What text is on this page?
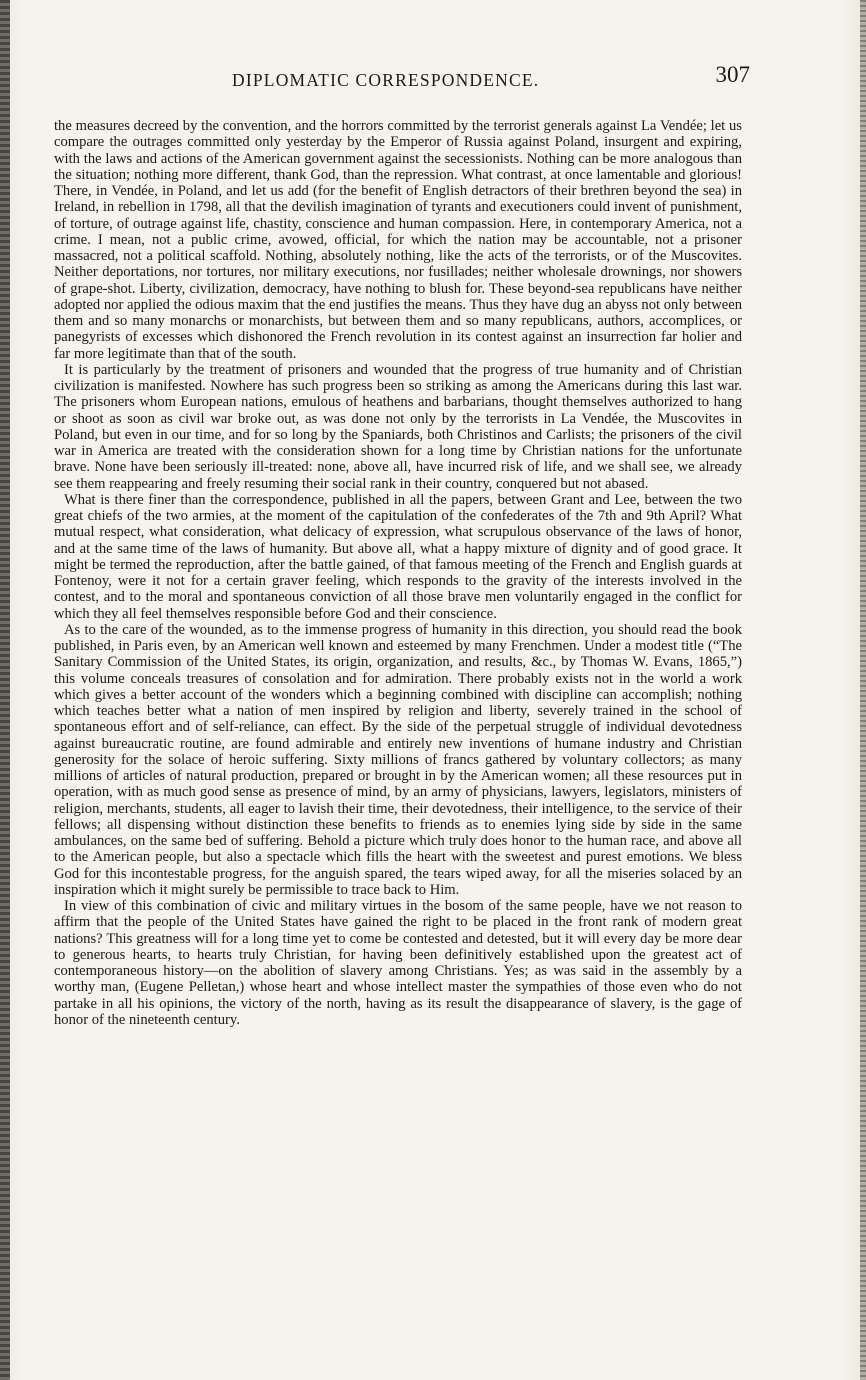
DIPLOMATIC CORRESPONDENCE.	307

the measures decreed by the convention, and the horrors committed by the terrorist generals against La Vendée; let us compare the outrages committed only yesterday by the Emperor of Russia against Poland, insurgent and expiring, with the laws and actions of the American government against the secessionists. Nothing can be more analogous than the situation; nothing more different, thank God, than the repression. What contrast, at once lamentable and glorious! There, in Vendée, in Poland, and let us add (for the benefit of English detractors of their brethren beyond the sea) in Ireland, in rebellion in 1798, all that the devilish imagination of tyrants and executioners could invent of punishment, of torture, of outrage against life, chastity, conscience and human compassion. Here, in contemporary America, not a crime. I mean, not a public crime, avowed, official, for which the nation may be accountable, not a prisoner massacred, not a political scaffold. Nothing, absolutely nothing, like the acts of the terrorists, or of the Muscovites. Neither deportations, nor tortures, nor military executions, nor fusillades; neither wholesale drownings, nor showers of grape-shot. Liberty, civilization, democracy, have nothing to blush for. These beyond-sea republicans have neither adopted nor applied the odious maxim that the end justifies the means. Thus they have dug an abyss not only between them and so many monarchs or monarchists, but between them and so many republicans, authors, accomplices, or panegyrists of excesses which dishonored the French revolution in its contest against an insurrection far holier and far more legitimate than that of the south.

It is particularly by the treatment of prisoners and wounded that the progress of true humanity and of Christian civilization is manifested. Nowhere has such progress been so striking as among the Americans during this last war. The prisoners whom European nations, emulous of heathens and barbarians, thought themselves authorized to hang or shoot as soon as civil war broke out, as was done not only by the terrorists in La Vendée, the Muscovites in Poland, but even in our time, and for so long by the Spaniards, both Christinos and Carlists; the prisoners of the civil war in America are treated with the consideration shown for a long time by Christian nations for the unfortunate brave. None have been seriously ill-treated: none, above all, have incurred risk of life, and we shall see, we already see them reappearing and freely resuming their social rank in their country, conquered but not abased.

What is there finer than the correspondence, published in all the papers, between Grant and Lee, between the two great chiefs of the two armies, at the moment of the capitulation of the confederates of the 7th and 9th April? What mutual respect, what consideration, what delicacy of expression, what scrupulous observance of the laws of honor, and at the same time of the laws of humanity. But above all, what a happy mixture of dignity and of good grace. It might be termed the reproduction, after the battle gained, of that famous meeting of the French and English guards at Fontenoy, were it not for a certain graver feeling, which responds to the gravity of the interests involved in the contest, and to the moral and spontaneous conviction of all those brave men voluntarily engaged in the conflict for which they all feel themselves responsible before God and their conscience.

As to the care of the wounded, as to the immense progress of humanity in this direction, you should read the book published, in Paris even, by an American well known and esteemed by many Frenchmen. Under a modest title (“The Sanitary Commission of the United States, its origin, organization, and results, &c., by Thomas W. Evans, 1865,”) this volume conceals treasures of consolation and for admiration. There probably exists not in the world a work which gives a better account of the wonders which a beginning combined with discipline can accomplish; nothing which teaches better what a nation of men inspired by religion and liberty, severely trained in the school of spontaneous effort and of self-reliance, can effect. By the side of the perpetual struggle of individual devotedness against bureaucratic routine, are found admirable and entirely new inventions of humane industry and Christian generosity for the solace of heroic suffering. Sixty millions of francs gathered by voluntary collectors; as many millions of articles of natural production, prepared or brought in by the American women; all these resources put in operation, with as much good sense as presence of mind, by an army of physicians, lawyers, legislators, ministers of religion, merchants, students, all eager to lavish their time, their devotedness, their intelligence, to the service of their fellows; all dispensing without distinction these benefits to friends as to enemies lying side by side in the same ambulances, on the same bed of suffering. Behold a picture which truly does honor to the human race, and above all to the American people, but also a spectacle which fills the heart with the sweetest and purest emotions. We bless God for this incontestable progress, for the anguish spared, the tears wiped away, for all the miseries solaced by an inspiration which it might surely be permissible to trace back to Him.

In view of this combination of civic and military virtues in the bosom of the same people, have we not reason to affirm that the people of the United States have gained the right to be placed in the front rank of modern great nations? This greatness will for a long time yet to come be contested and detested, but it will every day be more dear to generous hearts, to hearts truly Christian, for having been definitively established upon the greatest act of contemporaneous history—on the abolition of slavery among Christians. Yes; as was said in the assembly by a worthy man, (Eugene Pelletan,) whose heart and whose intellect master the sympathies of those even who do not partake in all his opinions, the victory of the north, having as its result the disappearance of slavery, is the gage of honor of the nineteenth century.
